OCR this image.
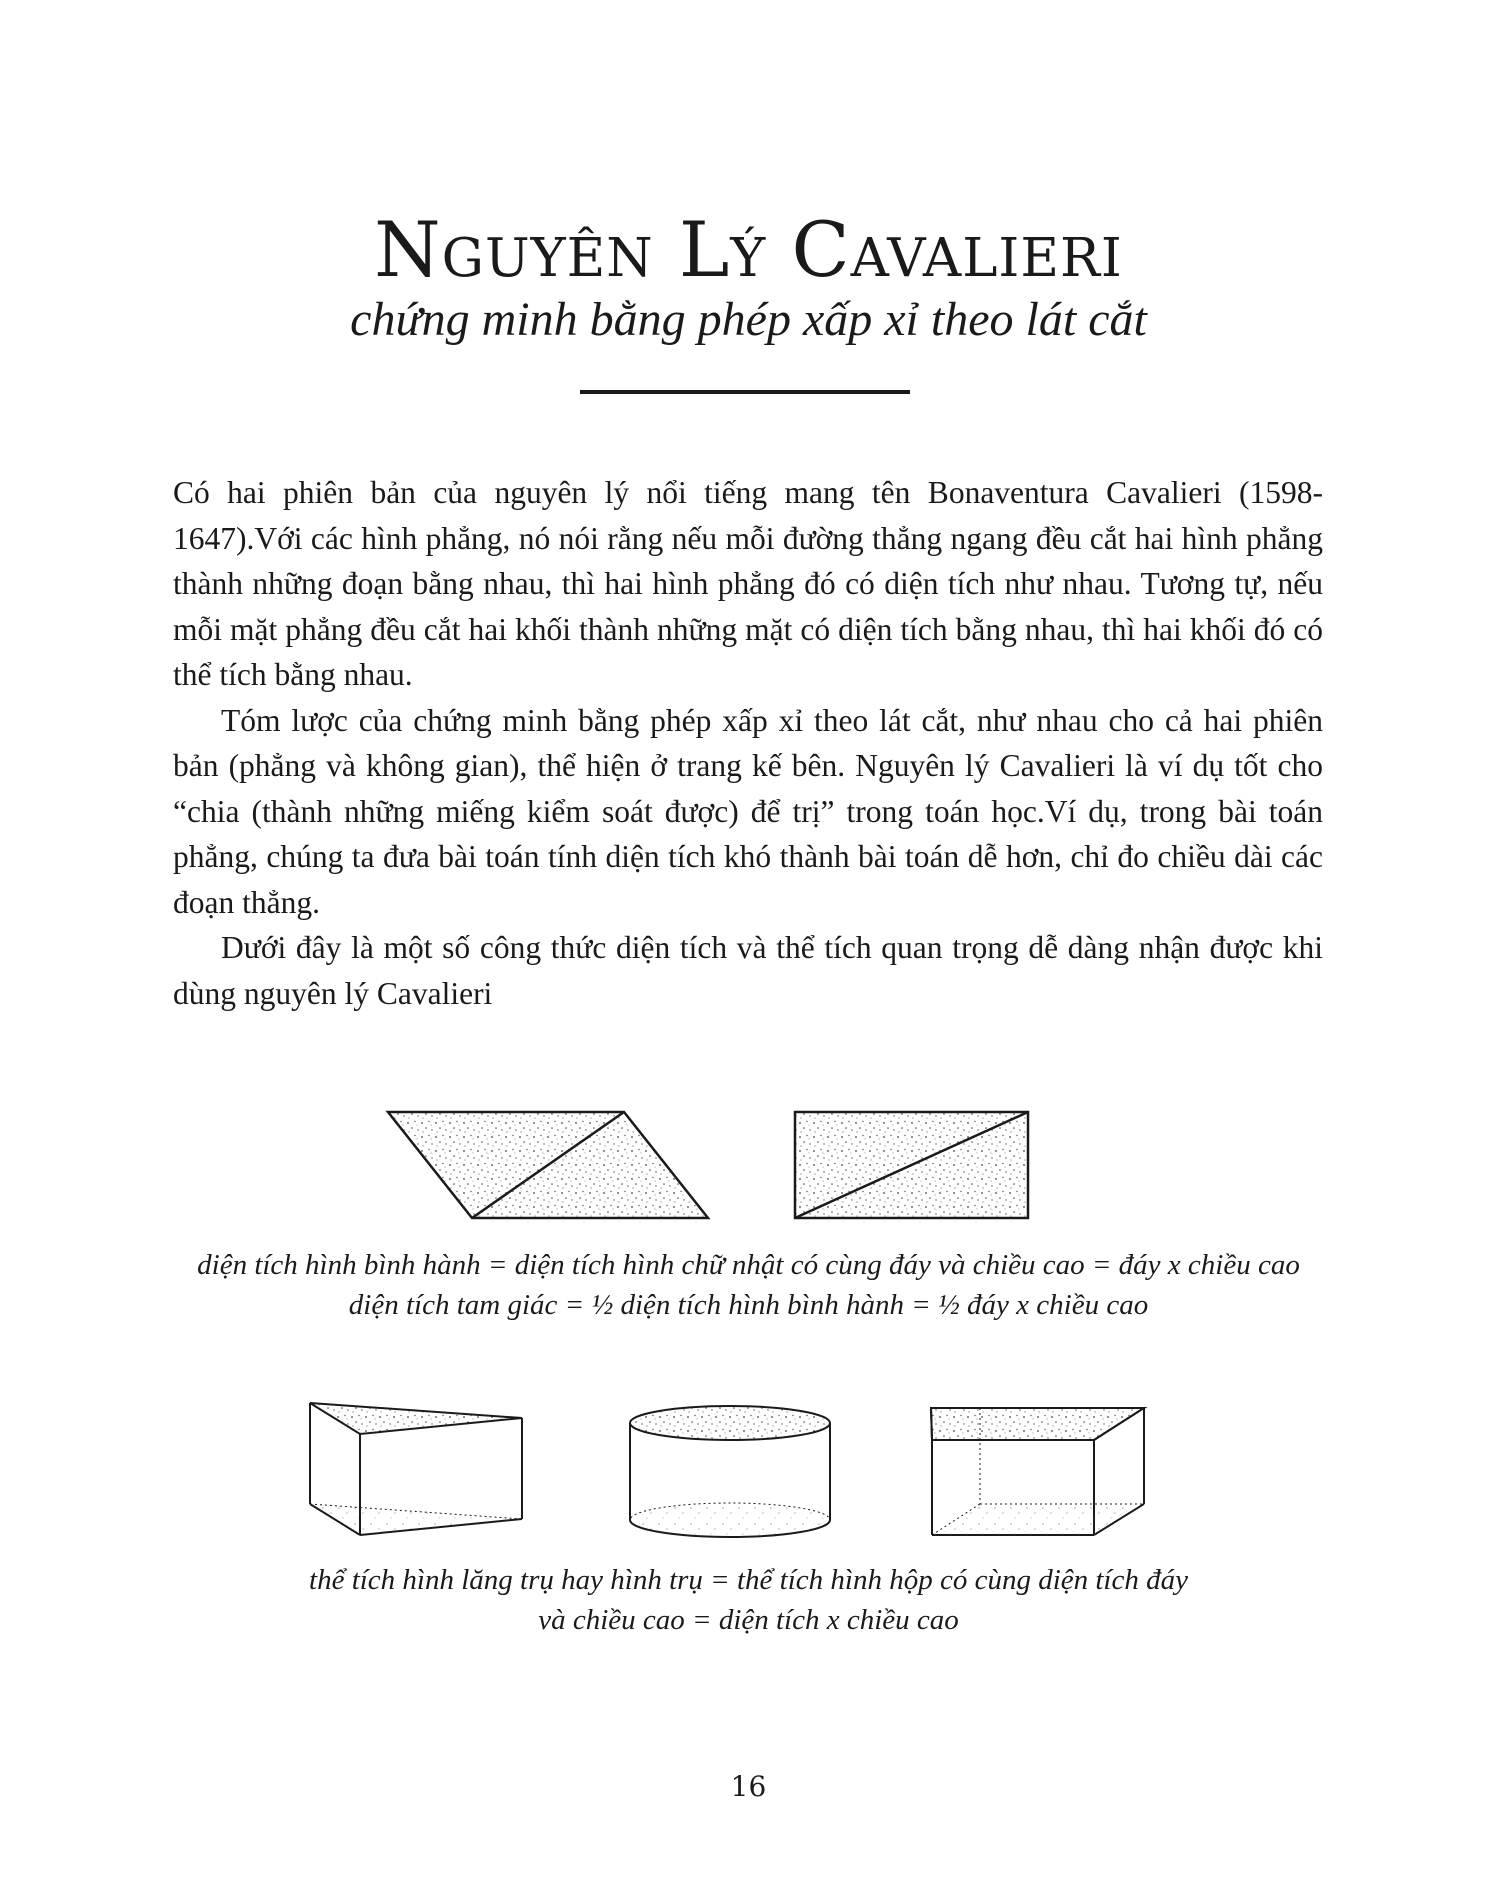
Nguyên Lý Cavalieri
chứng minh bằng phép xấp xỉ theo lát cắt

Có hai phiên bản của nguyên lý nổi tiếng mang tên Bonaventura Cavalieri (1598-1647).Với các hình phẳng, nó nói rằng nếu mỗi đường thẳng ngang đều cắt hai hình phẳng thành những đoạn bằng nhau, thì hai hình phẳng đó có diện tích như nhau. Tương tự, nếu mỗi mặt phẳng đều cắt hai khối thành những mặt có diện tích bằng nhau, thì hai khối đó có thể tích bằng nhau.

Tóm lược của chứng minh bằng phép xấp xỉ theo lát cắt, như nhau cho cả hai phiên bản (phẳng và không gian), thể hiện ở trang kế bên. Nguyên lý Cavalieri là ví dụ tốt cho “chia (thành những miếng kiểm soát được) để trị” trong toán học.Ví dụ, trong bài toán phẳng, chúng ta đưa bài toán tính diện tích khó thành bài toán dễ hơn, chỉ đo chiều dài các đoạn thẳng.

Dưới đây là một số công thức diện tích và thể tích quan trọng dễ dàng nhận được khi dùng nguyên lý Cavalieri

diện tích hình bình hành = diện tích hình chữ nhật có cùng đáy và chiều cao = đáy x chiều cao
diện tích tam giác = ½ diện tích hình bình hành = ½ đáy x chiều cao
thể tích hình lăng trụ hay hình trụ = thể tích hình hộp có cùng diện tích đáy
và chiều cao = diện tích x chiều cao
16
